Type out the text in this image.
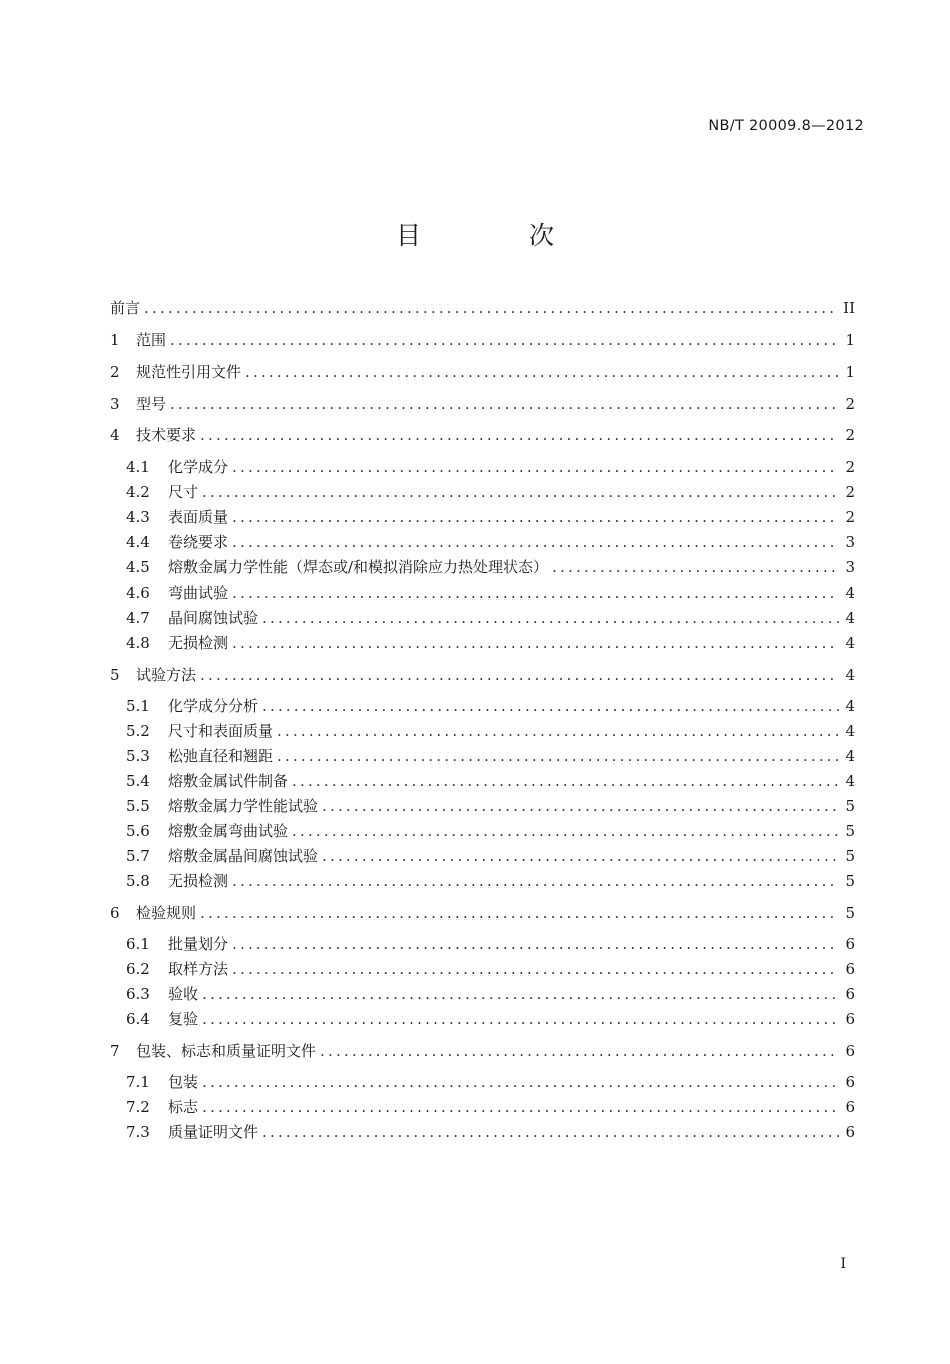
NB/T 20009.8—2012
目 次
前言 .....	II
1	范围 .....	1
2	规范性引用文件 .....	1
3	型号 .....	2
4	技术要求 .....	2
4.1	化学成分 .....	2
4.2	尺寸 .....	2
4.3	表面质量 .....	2
4.4	卷绕要求 .....	3
4.5	熔敷金属力学性能（焊态或/和模拟消除应力热处理状态） .....	3
4.6	弯曲试验 .....	4
4.7	晶间腐蚀试验 .....	4
4.8	无损检测 .....	4
5	试验方法 .....	4
5.1	化学成分分析 .....	4
5.2	尺寸和表面质量 .....	4
5.3	松弛直径和翘距 .....	4
5.4	熔敷金属试件制备 .....	4
5.5	熔敷金属力学性能试验 .....	5
5.6	熔敷金属弯曲试验 .....	5
5.7	熔敷金属晶间腐蚀试验 .....	5
5.8	无损检测 .....	5
6	检验规则 .....	5
6.1	批量划分 .....	6
6.2	取样方法 .....	6
6.3	验收 .....	6
6.4	复验 .....	6
7	包装、标志和质量证明文件 .....	6
7.1	包装 .....	6
7.2	标志 .....	6
7.3	质量证明文件 .....	6
I
